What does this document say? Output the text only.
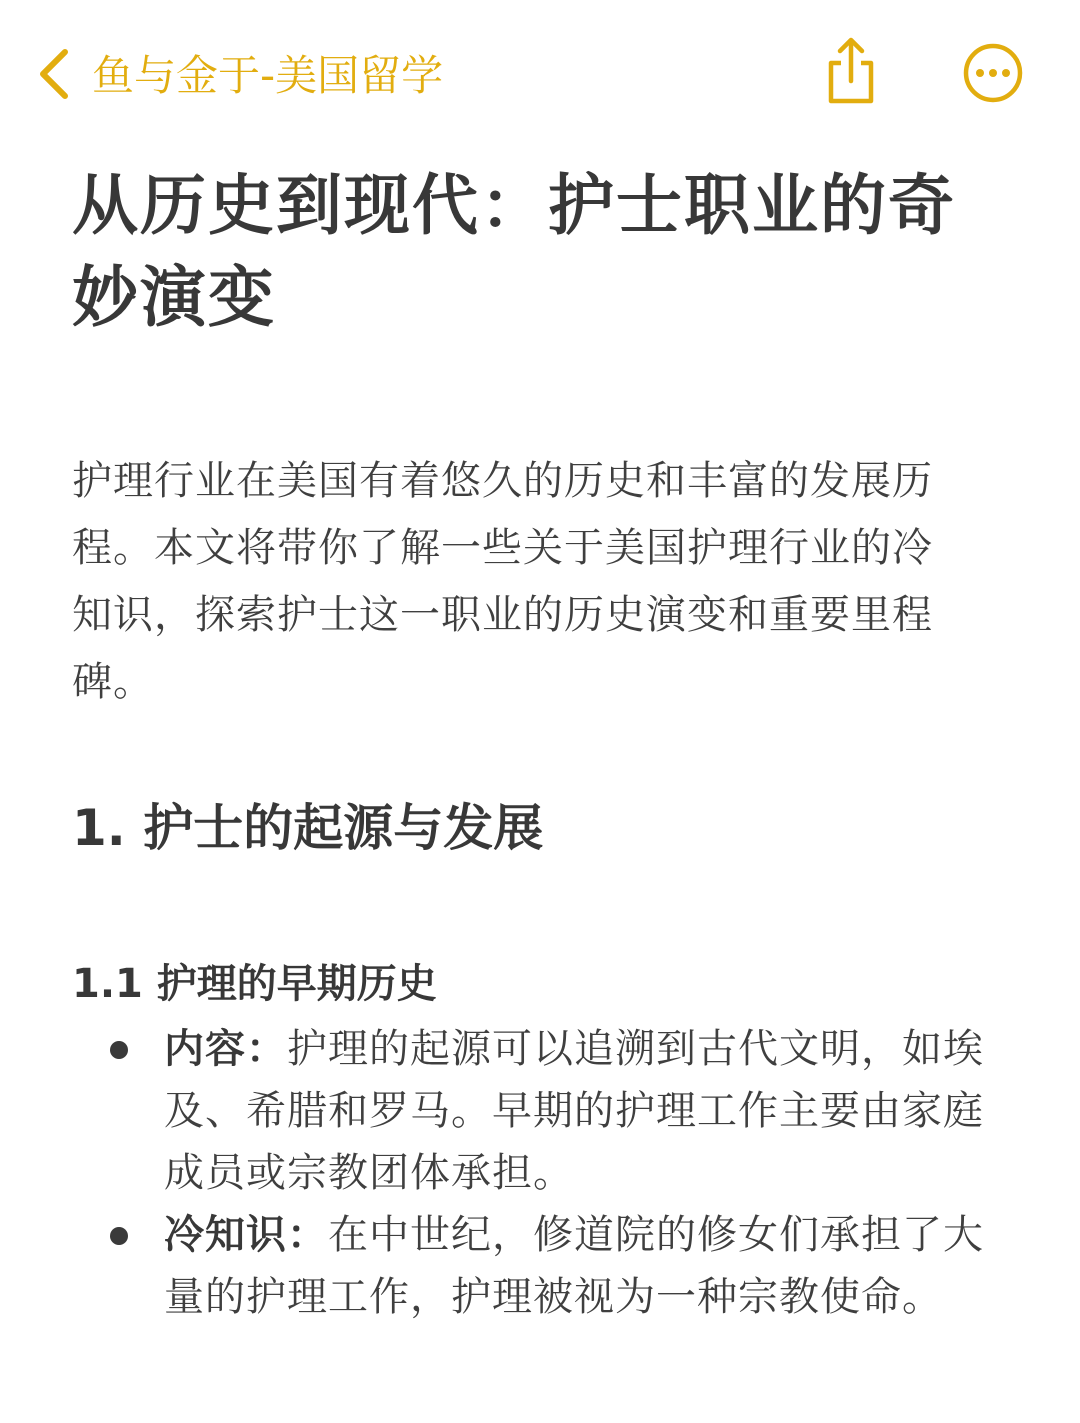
鱼与金于-美国留学
从历史到现代：护士职业的奇妙演变

护理行业在美国有着悠久的历史和丰富的发展历程。本文将带你了解一些关于美国护理行业的冷知识，探索护士这一职业的历史演变和重要里程碑。

1. 护士的起源与发展
1.1 护理的早期历史
内容：护理的起源可以追溯到古代文明，如埃及、希腊和罗马。早期的护理工作主要由家庭成员或宗教团体承担。
冷知识：在中世纪，修道院的修女们承担了大量的护理工作，护理被视为一种宗教使命。
